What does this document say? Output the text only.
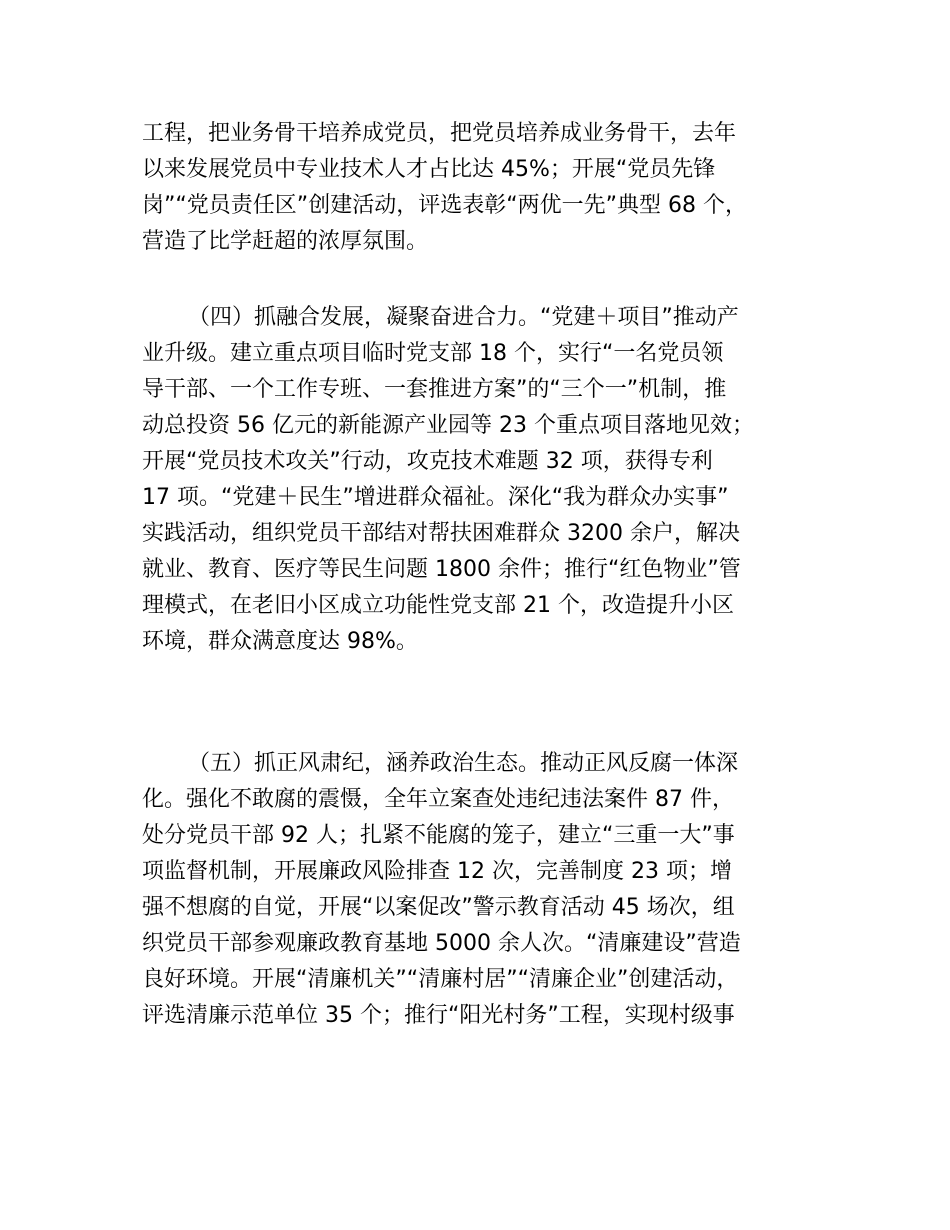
工程，把业务骨干培养成党员，把党员培养成业务骨干，去年
以来发展党员中专业技术人才占比达 45%；开展“党员先锋
岗”“党员责任区”创建活动，评选表彰“两优一先”典型 68 个，
营造了比学赶超的浓厚氛围。
（四）抓融合发展，凝聚奋进合力。“党建＋项目”推动产
业升级。建立重点项目临时党支部 18 个，实行“一名党员领
导干部、一个工作专班、一套推进方案”的“三个一”机制，推
动总投资 56 亿元的新能源产业园等 23 个重点项目落地见效；
开展“党员技术攻关”行动，攻克技术难题 32 项，获得专利
17 项。“党建＋民生”增进群众福祉。深化“我为群众办实事”
实践活动，组织党员干部结对帮扶困难群众 3200 余户，解决
就业、教育、医疗等民生问题 1800 余件；推行“红色物业”管
理模式，在老旧小区成立功能性党支部 21 个，改造提升小区
环境，群众满意度达 98%。
（五）抓正风肃纪，涵养政治生态。推动正风反腐一体深
化。强化不敢腐的震慑，全年立案查处违纪违法案件 87 件，
处分党员干部 92 人；扎紧不能腐的笼子，建立“三重一大”事
项监督机制，开展廉政风险排查 12 次，完善制度 23 项；增
强不想腐的自觉，开展“以案促改”警示教育活动 45 场次，组
织党员干部参观廉政教育基地 5000 余人次。“清廉建设”营造
良好环境。开展“清廉机关”“清廉村居”“清廉企业”创建活动，
评选清廉示范单位 35 个；推行“阳光村务”工程，实现村级事
